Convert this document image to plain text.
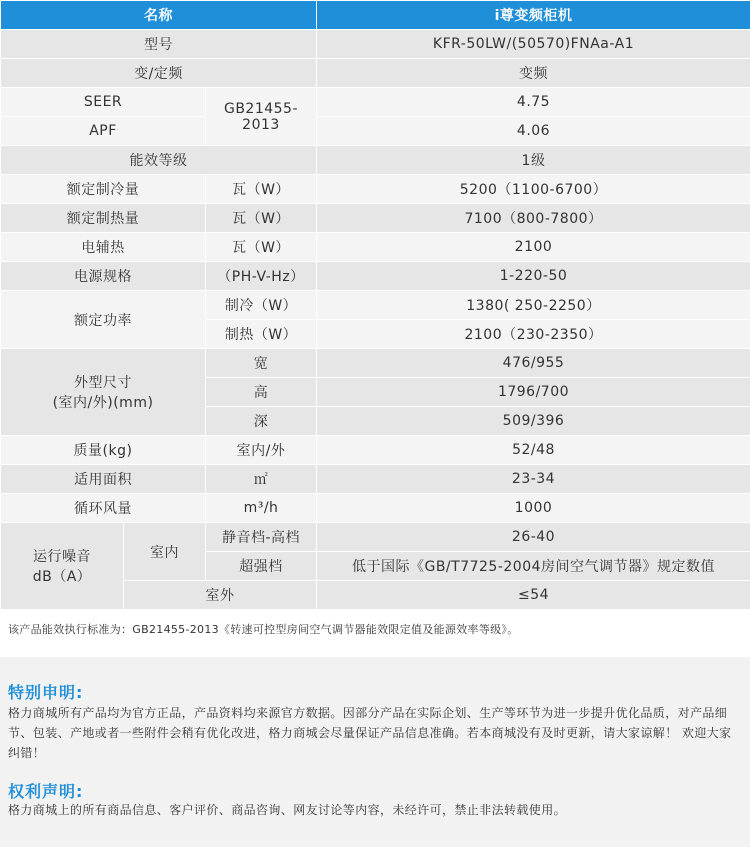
名称			i尊变频柜机
型号			KFR-50LW/(50570)FNAa-A1
变/定频			变频
SEER		GB21455-2013	4.75
APF			4.06
能效等级			1级
额定制冷量		瓦（W）	5200（1100-6700）
额定制热量		瓦（W）	7100（800-7800）
电辅热		瓦（W）	2100
电源规格		（PH-V-Hz）	1-220-50
额定功率		制冷（W）	1380( 250-2250）
		制热（W）	2100（230-2350）

外型尺寸
(室内/外)(mm)		宽	476/955
		高	1796/700
		深	509/396
质量(kg)		室内/外	52/48
适用面积		㎡	23-34
循环风量		m³/h	1000

运行噪音
dB（A）	室内	静音档-高档	26-40
		超强档	低于国际《GB/T7725-2004房间空气调节器》规定数值
	室外		≤54
该产品能效执行标准为：GB21455-2013《转速可控型房间空气调节器能效限定值及能源效率等级》。
特别申明:
格力商城所有产品均为官方正品，产品资料均来源官方数据。因部分产品在实际企划、生产等环节为进一步提升优化品质，对产品细节、包装、产地或者一些附件会稍有优化改进，格力商城会尽量保证产品信息准确。若本商城没有及时更新，请大家谅解！ 欢迎大家纠错！
权利声明:
格力商城上的所有商品信息、客户评价、商品咨询、网友讨论等内容，未经许可，禁止非法转载使用。
